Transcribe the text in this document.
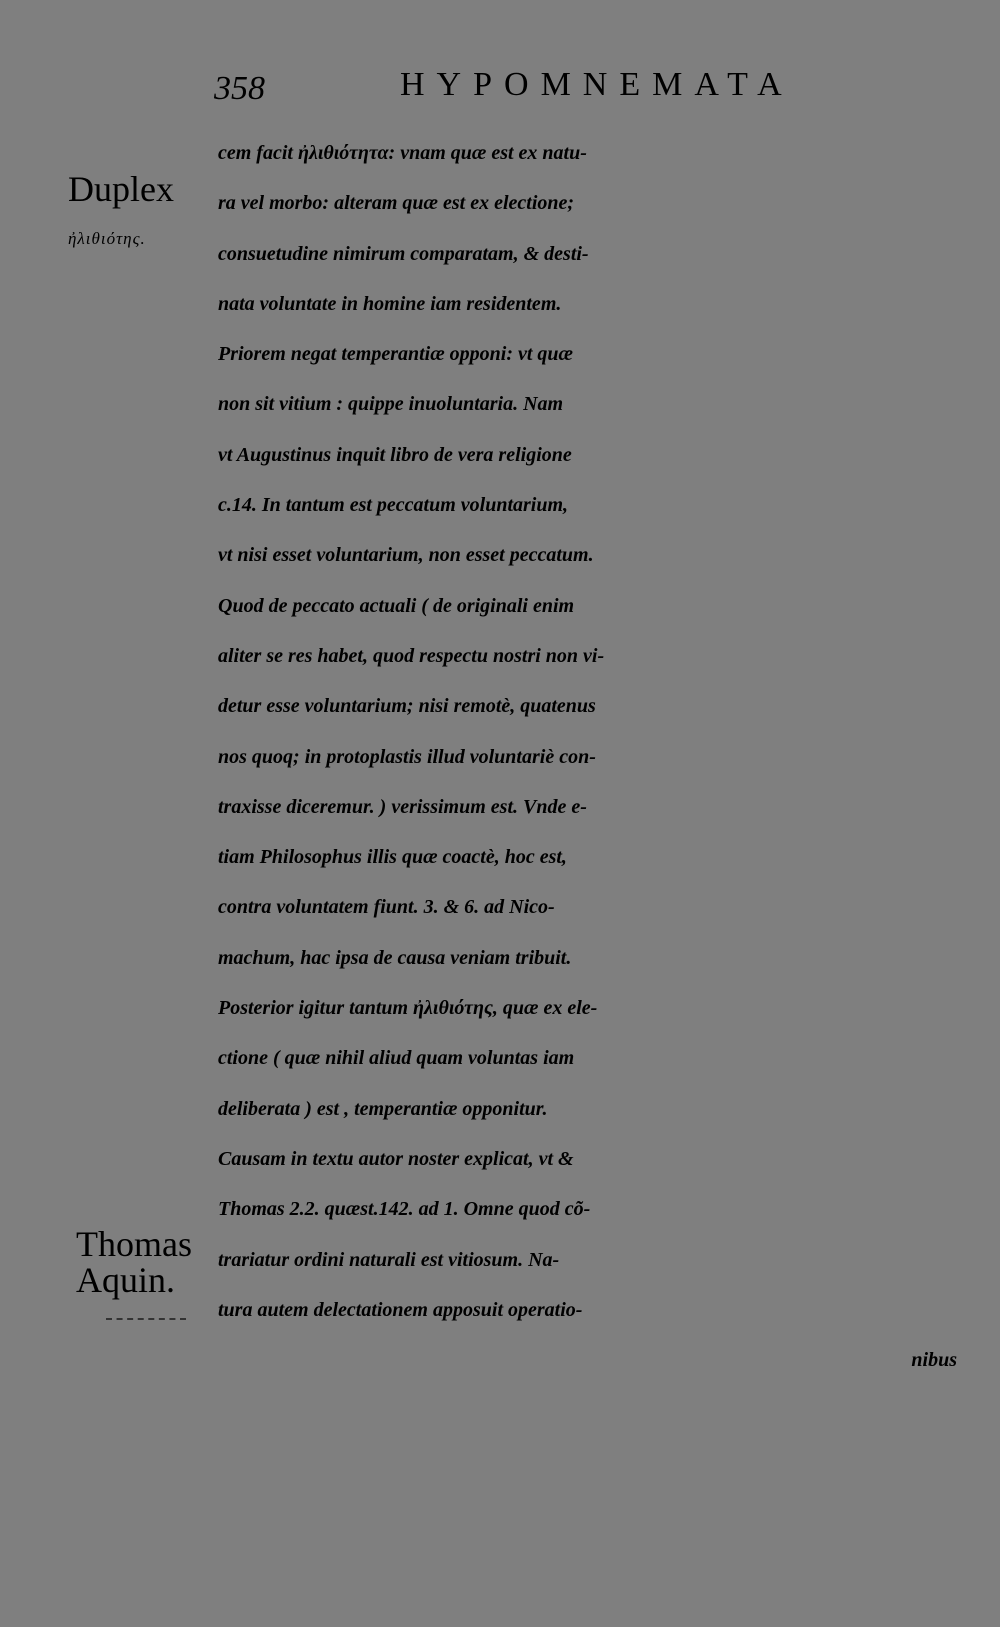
358	HYPOMNEMATA
Duplex
ἠλιθιότης.
Thomas
Aquin.
cem facit ἠλιθιότητα: vnam quæ est ex natu-
ra vel morbo: alteram quæ est ex electione;
consuetudine nimirum comparatam, & desti-
nata voluntate in homine iam residentem.
Priorem negat temperantiæ opponi: vt quæ
non sit vitium : quippe inuoluntaria. Nam
vt Augustinus inquit libro de vera religione
c.14. In tantum est peccatum voluntarium,
vt nisi esset voluntarium, non esset peccatum.
Quod de peccato actuali ( de originali enim
aliter se res habet, quod respectu nostri non vi-
detur esse voluntarium; nisi remotè, quatenus
nos quoq; in protoplastis illud voluntariè con-
traxisse diceremur. ) verissimum est. Vnde e-
tiam Philosophus illis quæ coactè, hoc est,
contra voluntatem fiunt. 3. & 6. ad Nico-
machum, hac ipsa de causa veniam tribuit.
Posterior igitur tantum ἠλιθιότης, quæ ex ele-
ctione ( quæ nihil aliud quam voluntas iam
deliberata ) est , temperantiæ opponitur.
Causam in textu autor noster explicat, vt &
Thomas 2.2. quæst.142. ad 1. Omne quod cõ-
trariatur ordini naturali est vitiosum. Na-
tura autem delectationem apposuit operatio-
nibus
